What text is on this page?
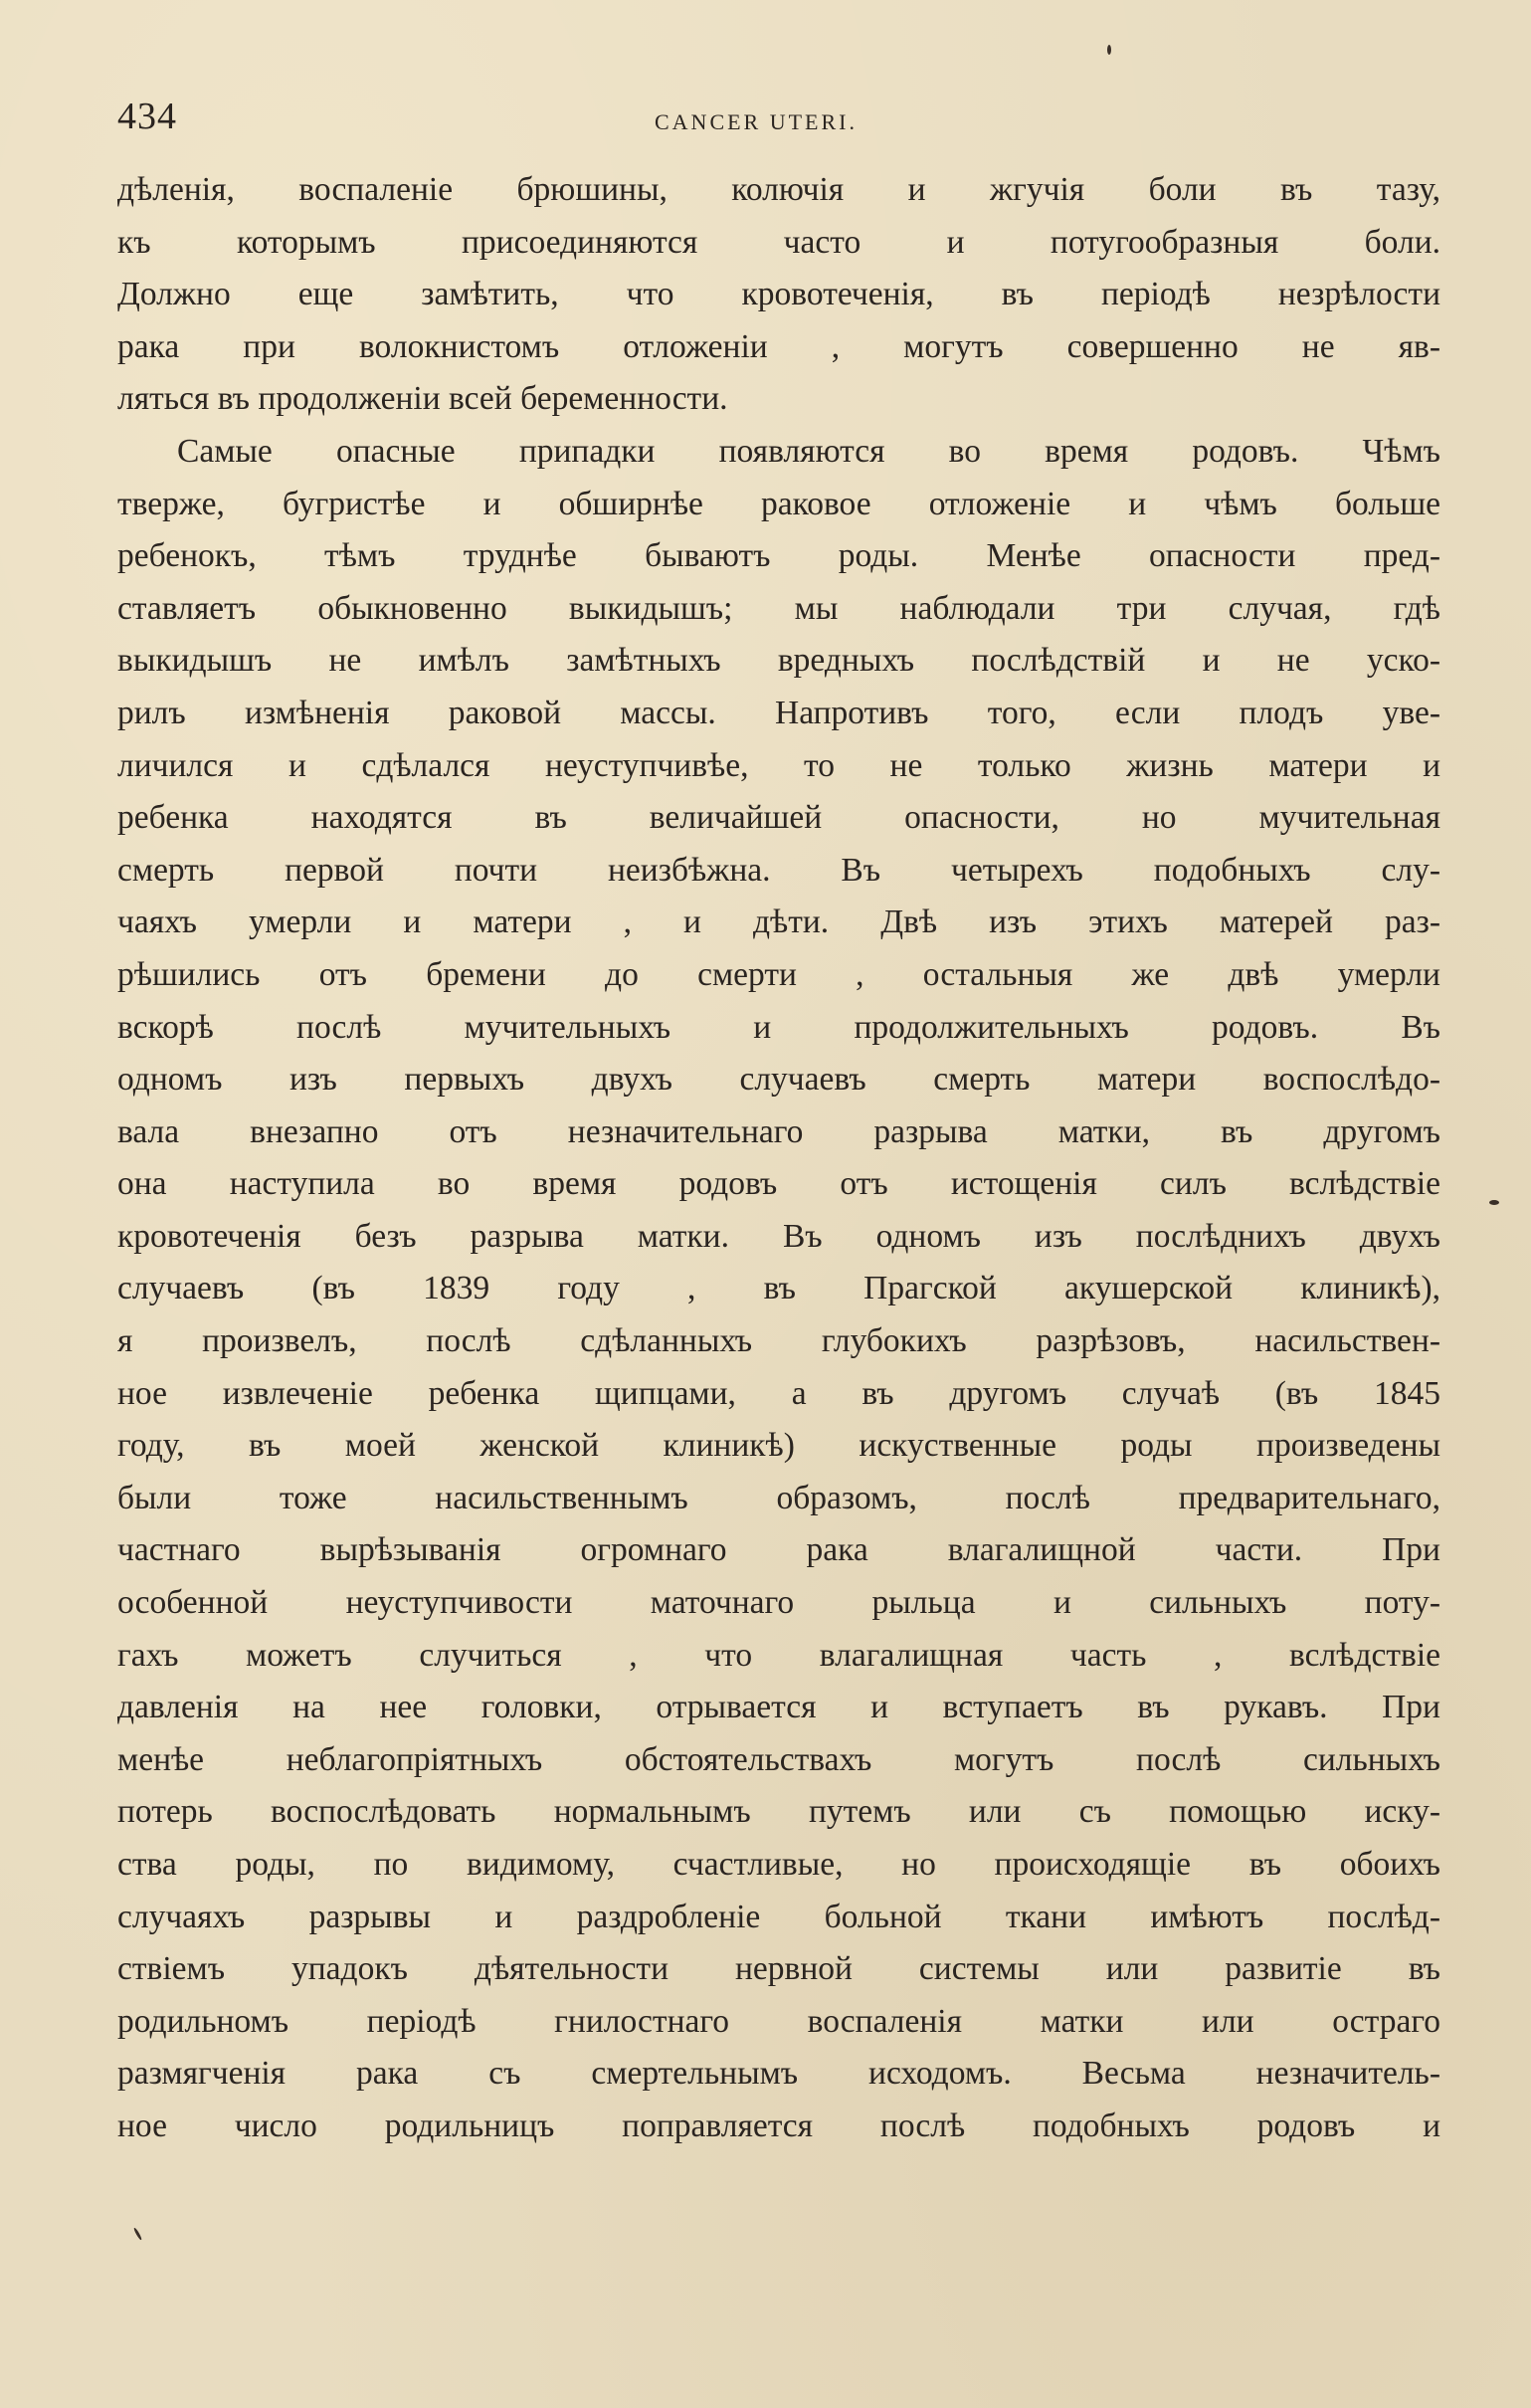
434	CANCER UTERI.
дѣленія, воспаленіе брюшины, колючія и жгучія боли въ тазу,
къ которымъ присоединяются часто и потугообразныя боли.
Должно еще замѣтить, что кровотеченія, въ періодѣ незрѣлости
рака при волокнистомъ отложеніи , могутъ совершенно не яв-
ляться въ продолженіи всей беременности.
Самые опасные припадки появляются во время родовъ. Чѣмъ
тверже, бугристѣе и обширнѣе раковое отложеніе и чѣмъ больше
ребенокъ, тѣмъ труднѣе бываютъ роды. Менѣе опасности пред-
ставляетъ обыкновенно выкидышъ; мы наблюдали три случая, гдѣ
выкидышъ не имѣлъ замѣтныхъ вредныхъ послѣдствій и не уско-
рилъ измѣненія раковой массы. Напротивъ того, если плодъ уве-
личился и сдѣлался неуступчивѣе, то не только жизнь матери и
ребенка находятся въ величайшей опасности, но мучительная
смерть первой почти неизбѣжна. Въ четырехъ подобныхъ слу-
чаяхъ умерли и матери , и дѣти. Двѣ изъ этихъ матерей раз-
рѣшились отъ бремени до смерти , остальныя же двѣ умерли
вскорѣ послѣ мучительныхъ и продолжительныхъ родовъ. Въ
одномъ изъ первыхъ двухъ случаевъ смерть матери воспослѣдо-
вала внезапно отъ незначительнаго разрыва матки, въ другомъ
она наступила во время родовъ отъ истощенія силъ вслѣдствіе
кровотеченія безъ разрыва матки. Въ одномъ изъ послѣднихъ двухъ
случаевъ (въ 1839 году , въ Прагской акушерской клиникѣ),
я произвелъ, послѣ сдѣланныхъ глубокихъ разрѣзовъ, насильствен-
ное извлеченіе ребенка щипцами, а въ другомъ случаѣ (въ 1845
году, въ моей женской клиникѣ) искуственные роды произведены
были тоже насильственнымъ образомъ, послѣ предварительнаго,
частнаго вырѣзыванія огромнаго рака влагалищной части. При
особенной неуступчивости маточнаго рыльца и сильныхъ поту-
гахъ можетъ случиться , что влагалищная часть , вслѣдствіе
давленія на нее головки, отрывается и вступаетъ въ рукавъ. При
менѣе неблагопріятныхъ обстоятельствахъ могутъ послѣ сильныхъ
потерь воспослѣдовать нормальнымъ путемъ или съ помощью иску-
ства роды, по видимому, счастливые, но происходящіе въ обоихъ
случаяхъ разрывы и раздробленіе больной ткани имѣютъ послѣд-
ствіемъ упадокъ дѣятельности нервной системы или развитіе въ
родильномъ періодѣ гнилостнаго воспаленія матки или остраго
размягченія рака съ смертельнымъ исходомъ. Весьма незначитель-
ное число родильницъ поправляется послѣ подобныхъ родовъ и
